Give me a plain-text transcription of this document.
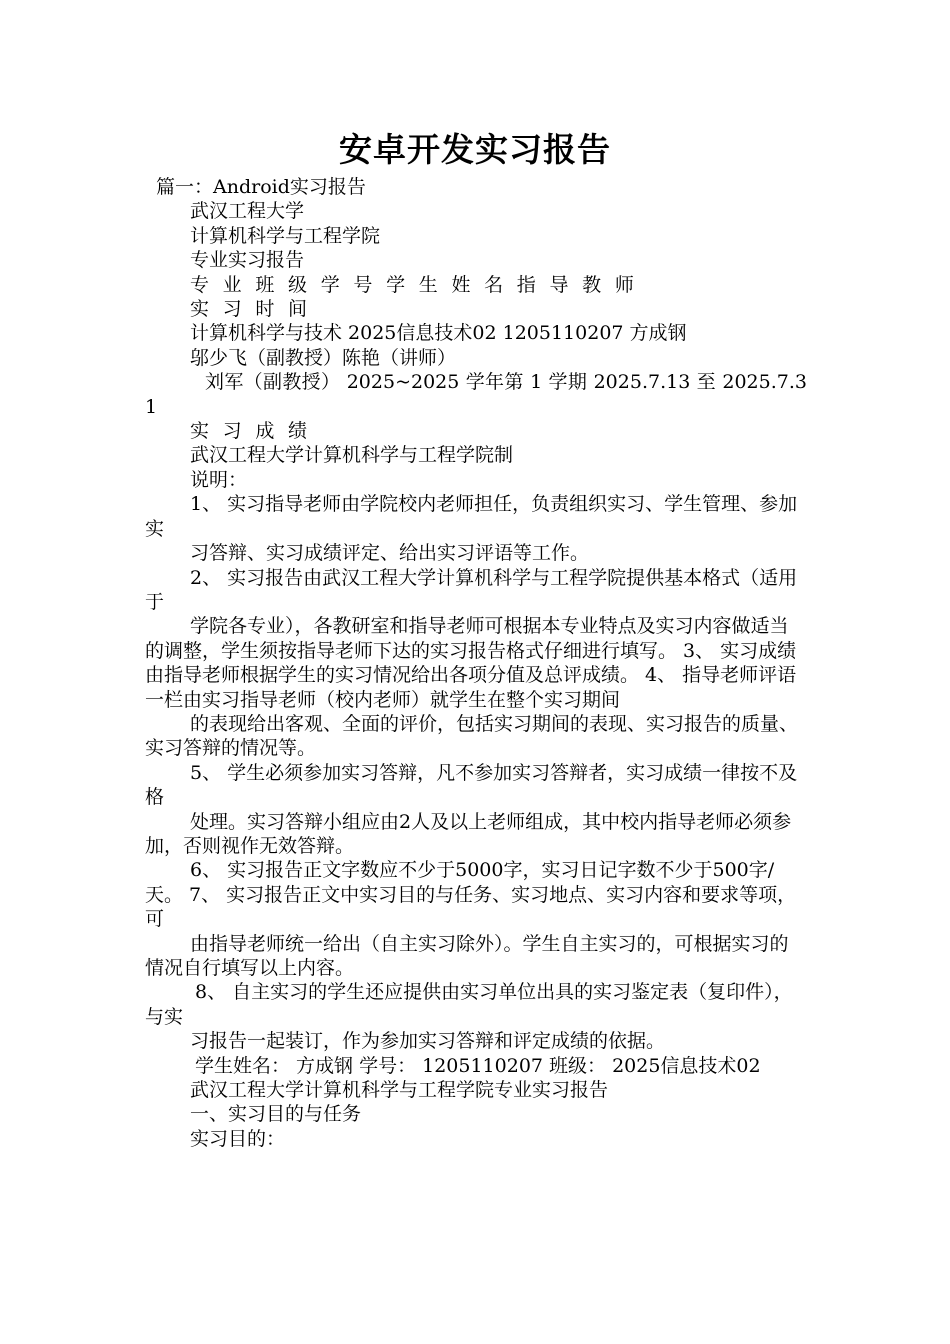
安卓开发实习报告

篇一：Android实习报告

武汉工程大学

计算机科学与工程学院

专业实习报告

专业班级学号学生姓名指导教师

实习时间

计算机科学与技术 2025信息技术02 1205110207 方成钢

邬少飞（副教授）陈艳（讲师）

刘军（副教授） 2025~2025 学年第 1 学期 2025.7.13 至 2025.7.31

实习成绩

武汉工程大学计算机科学与工程学院制

说明：

1、 实习指导老师由学院校内老师担任，负责组织实习、学生管理、参加实

习答辩、实习成绩评定、给出实习评语等工作。

2、 实习报告由武汉工程大学计算机科学与工程学院提供基本格式（适用于

学院各专业），各教研室和指导老师可根据本专业特点及实习内容做适当的调整，学生须按指导老师下达的实习报告格式仔细进行填写。 3、 实习成绩由指导老师根据学生的实习情况给出各项分值及总评成绩。 4、 指导老师评语一栏由实习指导老师（校内老师）就学生在整个实习期间

的表现给出客观、全面的评价，包括实习期间的表现、实习报告的质量、实习答辩的情况等。

5、 学生必须参加实习答辩，凡不参加实习答辩者，实习成绩一律按不及格

处理。实习答辩小组应由2人及以上老师组成，其中校内指导老师必须参加，否则视作无效答辩。

6、 实习报告正文字数应不少于5000字，实习日记字数不少于500字/天。 7、 实习报告正文中实习目的与任务、实习地点、实习内容和要求等项，可

由指导老师统一给出（自主实习除外）。学生自主实习的，可根据实习的情况自行填写以上内容。

8、 自主实习的学生还应提供由实习单位出具的实习鉴定表（复印件），与实

习报告一起装订，作为参加实习答辩和评定成绩的依据。

学生姓名： 方成钢 学号： 1205110207 班级： 2025信息技术02

武汉工程大学计算机科学与工程学院专业实习报告

一、实习目的与任务

实习目的：
